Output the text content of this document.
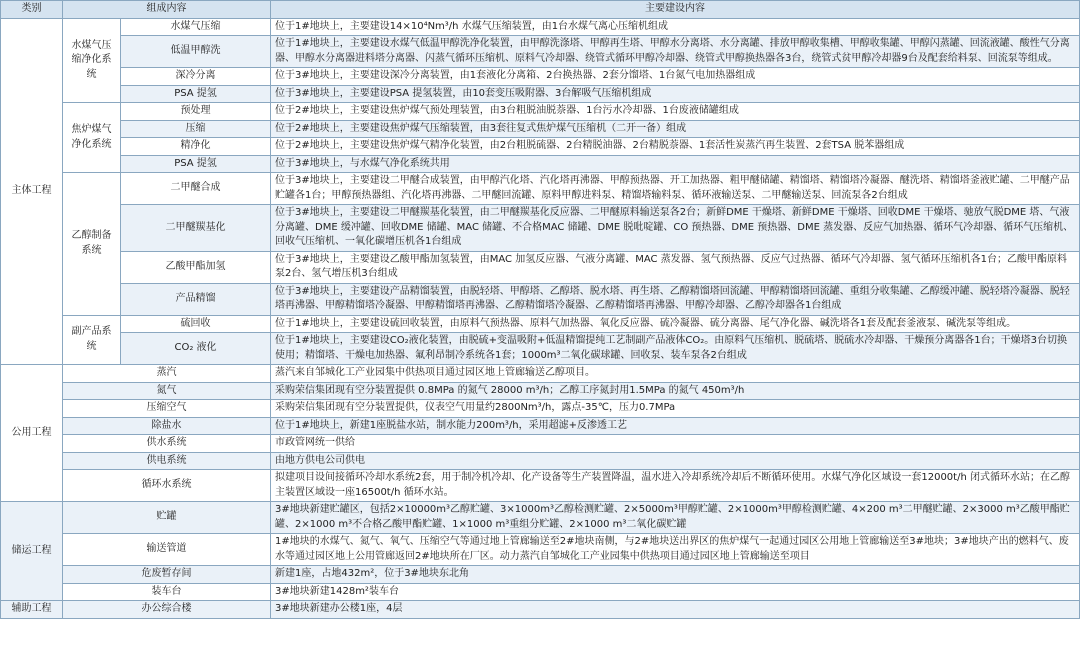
类别	组成内容		主要建设内容
主体工程	水煤气压缩净化系统	水煤气压缩	位于1#地块上，主要建设14×10⁴Nm³/h 水煤气压缩装置，由1台水煤气离心压缩机组成
		低温甲醇洗	位于1#地块上，主要建设水煤气低温甲醇洗净化装置，由甲醇洗涤塔、甲醇再生塔、甲醇水分离塔、水分离罐、排放甲醇收集槽、甲醇收集罐、甲醇闪蒸罐、回流液罐、酸性气分离器、甲醇水分离器进料塔分离器、闪蒸气循环压缩机、原料气冷却器、绕管式循环甲醇冷却器、绕管式甲醇换热器各3台，绕管式贫甲醇冷却器9台及配套给料泵、回流泵等组成。
		深冷分离	位于3#地块上，主要建设深冷分离装置，由1套液化分离箱、2台换热器、2套分馏塔、1台氮气电加热器组成
		PSA 提氢	位于3#地块上，主要建设PSA 提氢装置，由10套变压吸附器、3台解吸气压缩机组成
	焦炉煤气净化系统	预处理	位于2#地块上，主要建设焦炉煤气预处理装置，由3台粗脱油脱萘器、1台污水冷却器、1台废液储罐组成
		压缩	位于2#地块上，主要建设焦炉煤气压缩装置，由3套往复式焦炉煤气压缩机（二开一备）组成
		精净化	位于2#地块上，主要建设焦炉煤气精净化装置，由2台粗脱硫器、2台精脱油器、2台精脱萘器、1套活性炭蒸汽再生装置、2套TSA 脱苯器组成
		PSA 提氢	位于3#地块上，与水煤气净化系统共用
	乙醇制备系统	二甲醚合成	位于3#地块上，主要建设二甲醚合成装置，由甲醇汽化塔、汽化塔再沸器、甲醇预热器、开工加热器、粗甲醚储罐、精馏塔、精馏塔冷凝器、醚洗塔、精馏塔釜液贮罐、二甲醚产品贮罐各1台；甲醇预热器组、汽化塔再沸器、二甲醚回流罐、原料甲醇进料泵、精馏塔输料泵、循环液输送泵、二甲醚输送泵、回流泵各2台组成
		二甲醚羰基化	位于3#地块上，主要建设二甲醚羰基化装置，由二甲醚羰基化反应器、二甲醚原料输送泵各2台；新鲜DME 干燥塔、新鲜DME 干燥塔、回收DME 干燥塔、驰放气脱DME 塔、气液分离罐、DME 缓冲罐、回收DME 储罐、MAC 储罐、不合格MAC 储罐、DME 脱吡啶罐、CO 预热器、DME 预热器、DME 蒸发器、反应气加热器、循环气冷却器、循环气压缩机、回收气压缩机、一氧化碳增压机各1台组成
		乙酸甲酯加氢	位于3#地块上，主要建设乙酸甲酯加氢装置，由MAC 加氢反应器、气液分离罐、MAC 蒸发器、氢气预热器、反应气过热器、循环气冷却器、氢气循环压缩机各1台；乙酸甲酯原料泵2台、氢气增压机3台组成
		产品精馏	位于3#地块上，主要建设产品精馏装置，由脱轻塔、甲醇塔、乙醇塔、脱水塔、再生塔、乙醇精馏塔回流罐、甲醇精馏塔回流罐、重组分收集罐、乙醇缓冲罐、脱轻塔冷凝器、脱轻塔再沸器、甲醇精馏塔冷凝器、甲醇精馏塔再沸器、乙醇精馏塔冷凝器、乙醇精馏塔再沸器、甲醇冷却器、乙醇冷却器各1台组成
	副产品系统	硫回收	位于1#地块上，主要建设硫回收装置，由原料气预热器、原料气加热器、氧化反应器、硫冷凝器、硫分离器、尾气净化器、碱洗塔各1套及配套釜液泵、碱洗泵等组成。
		CO₂ 液化	位于1#地块上，主要建设CO₂液化装置，由脱硫+变温吸附+低温精馏提纯工艺制副产品液体CO₂。由原料气压缩机、脱硫塔、脱硫水冷却器、干燥预分离器各1台；干燥塔3台切换使用；精馏塔、干燥电加热器、氟利昂制冷系统各1套；1000m³二氧化碳球罐、回收泵、装车泵各2台组成
公用工程	蒸汽		蒸汽来自邹城化工产业园集中供热项目通过园区地上管廊输送乙醇项目。
	氮气		采购荣信集团现有空分装置提供 0.8MPa 的氮气 28000 m³/h；乙醇工序氮封用1.5MPa 的氮气 450m³/h
	压缩空气		采购荣信集团现有空分装置提供，仪表空气用量约2800Nm³/h，露点-35℃，压力0.7MPa
	除盐水		位于1#地块上，新建1座脱盐水站，制水能力200m³/h，采用超滤+反渗透工艺
	供水系统		市政管网统一供给
	供电系统		由地方供电公司供电
	循环水系统		拟建项目设间接循环冷却水系统2套，用于制冷机冷却、化产设备等生产装置降温，温水进入冷却系统冷却后不断循环使用。水煤气净化区域设一套12000t/h 闭式循环水站；在乙醇主装置区域设一座16500t/h 循环水站。
储运工程	贮罐		3#地块新建贮罐区，包括2×10000m³乙醇贮罐、3×1000m³乙醇检测贮罐、2×5000m³甲醇贮罐、2×1000m³甲醇检测贮罐、4×200 m³二甲醚贮罐、2×3000 m³乙酸甲酯贮罐、2×1000 m³不合格乙酸甲酯贮罐、1×1000 m³重组分贮罐、2×1000 m³二氧化碳贮罐
	输送管道		1#地块的水煤气、氮气、氧气、压缩空气等通过地上管廊输送至2#地块南侧，与2#地块送出界区的焦炉煤气一起通过园区公用地上管廊输送至3#地块；3#地块产出的燃料气、废水等通过园区地上公用管廊返回2#地块所在厂区。动力蒸汽自邹城化工产业园集中供热项目通过园区地上管廊输送至项目
	危废暂存间		新建1座，占地432m²，位于3#地块东北角
	装车台		3#地块新建1428m²装车台
辅助工程	办公综合楼		3#地块新建办公楼1座，4层
